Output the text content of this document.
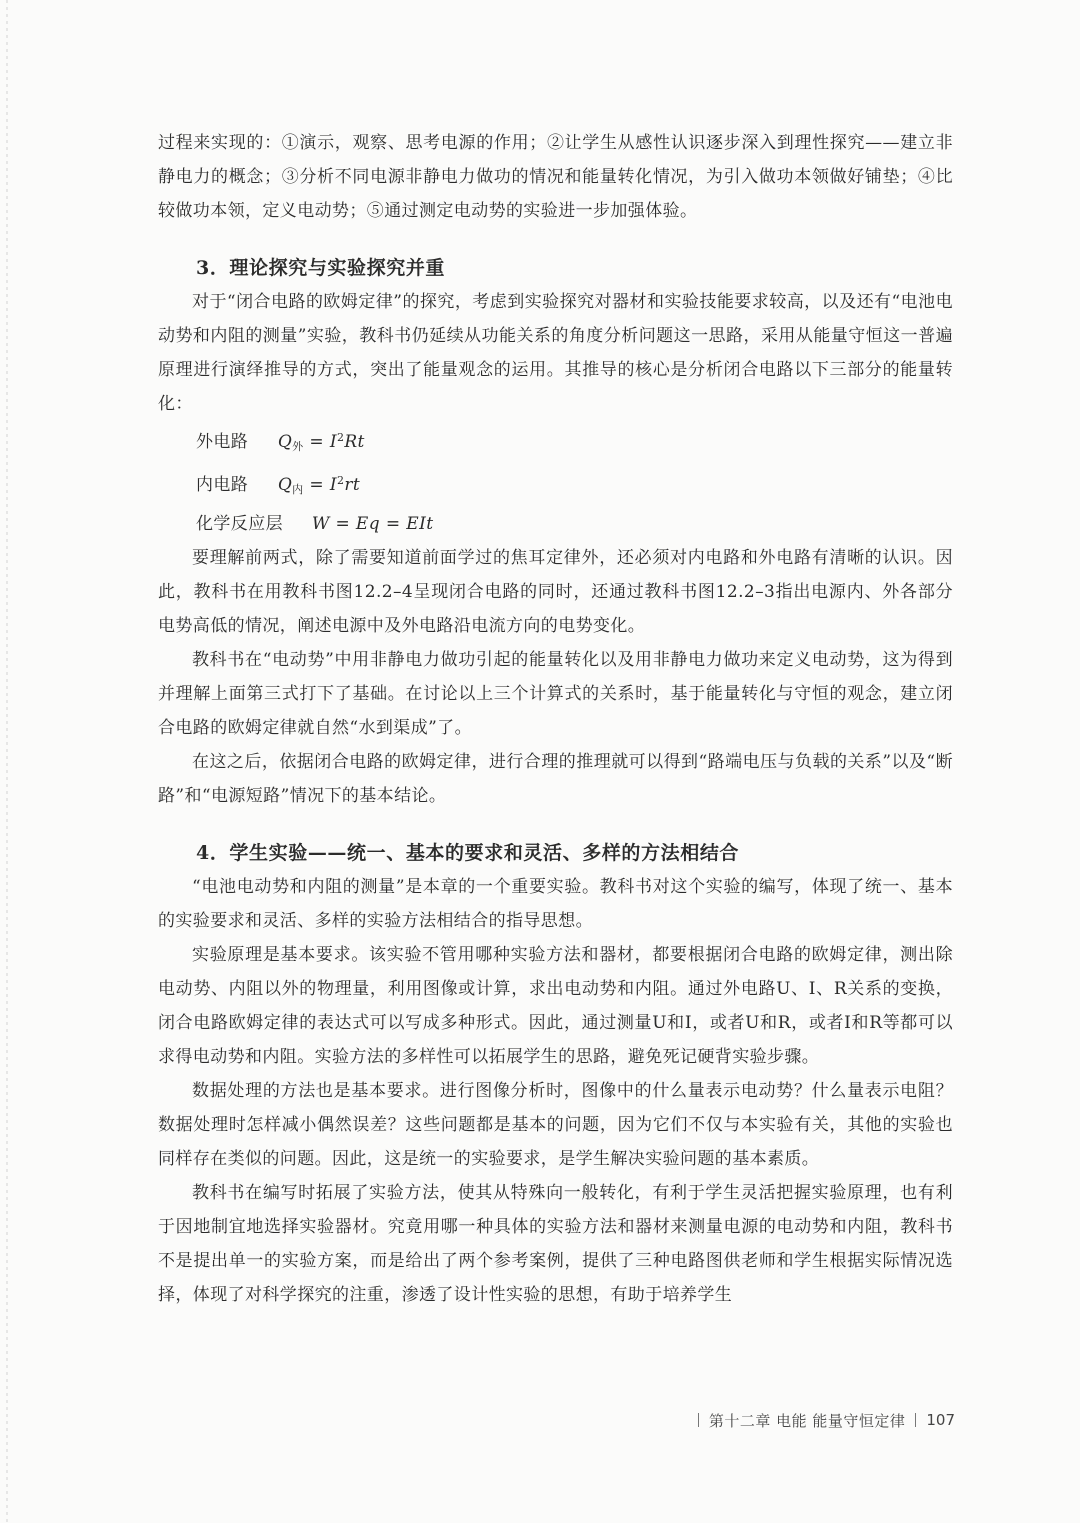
过程来实现的：①演示，观察、思考电源的作用；②让学生从感性认识逐步深入到理性探究——建立非静电力的概念；③分析不同电源非静电力做功的情况和能量转化情况，为引入做功本领做好铺垫；④比较做功本领，定义电动势；⑤通过测定电动势的实验进一步加强体验。

3．理论探究与实验探究并重

对于“闭合电路的欧姆定律”的探究，考虑到实验探究对器材和实验技能要求较高，以及还有“电池电动势和内阻的测量”实验，教科书仍延续从功能关系的角度分析问题这一思路，采用从能量守恒这一普遍原理进行演绎推导的方式，突出了能量观念的运用。其推导的核心是分析闭合电路以下三部分的能量转化：

外电路 $Q_外 = I^2Rt$

内电路 $Q_内 = I^2rt$

化学反应层 W = Eq = EIt

要理解前两式，除了需要知道前面学过的焦耳定律外，还必须对内电路和外电路有清晰的认识。因此，教科书在用教科书图12.2–4呈现闭合电路的同时，还通过教科书图12.2–3指出电源内、外各部分电势高低的情况，阐述电源中及外电路沿电流方向的电势变化。

教科书在“电动势”中用非静电力做功引起的能量转化以及用非静电力做功来定义电动势，这为得到并理解上面第三式打下了基础。在讨论以上三个计算式的关系时，基于能量转化与守恒的观念，建立闭合电路的欧姆定律就自然“水到渠成”了。

在这之后，依据闭合电路的欧姆定律，进行合理的推理就可以得到“路端电压与负载的关系”以及“断路”和“电源短路”情况下的基本结论。

4．学生实验——统一、基本的要求和灵活、多样的方法相结合

“电池电动势和内阻的测量”是本章的一个重要实验。教科书对这个实验的编写，体现了统一、基本的实验要求和灵活、多样的实验方法相结合的指导思想。

实验原理是基本要求。该实验不管用哪种实验方法和器材，都要根据闭合电路的欧姆定律，测出除电动势、内阻以外的物理量，利用图像或计算，求出电动势和内阻。通过外电路U、I、R关系的变换，闭合电路欧姆定律的表达式可以写成多种形式。因此，通过测量U和I，或者U和R，或者I和R等都可以求得电动势和内阻。实验方法的多样性可以拓展学生的思路，避免死记硬背实验步骤。

数据处理的方法也是基本要求。进行图像分析时，图像中的什么量表示电动势？什么量表示电阻？数据处理时怎样减小偶然误差？这些问题都是基本的问题，因为它们不仅与本实验有关，其他的实验也同样存在类似的问题。因此，这是统一的实验要求，是学生解决实验问题的基本素质。

教科书在编写时拓展了实验方法，使其从特殊向一般转化，有利于学生灵活把握实验原理，也有利于因地制宜地选择实验器材。究竟用哪一种具体的实验方法和器材来测量电源的电动势和内阻，教科书不是提出单一的实验方案，而是给出了两个参考案例，提供了三种电路图供老师和学生根据实际情况选择，体现了对科学探究的注重，渗透了设计性实验的思想，有助于培养学生

第十二章 电能 能量守恒定律 107
